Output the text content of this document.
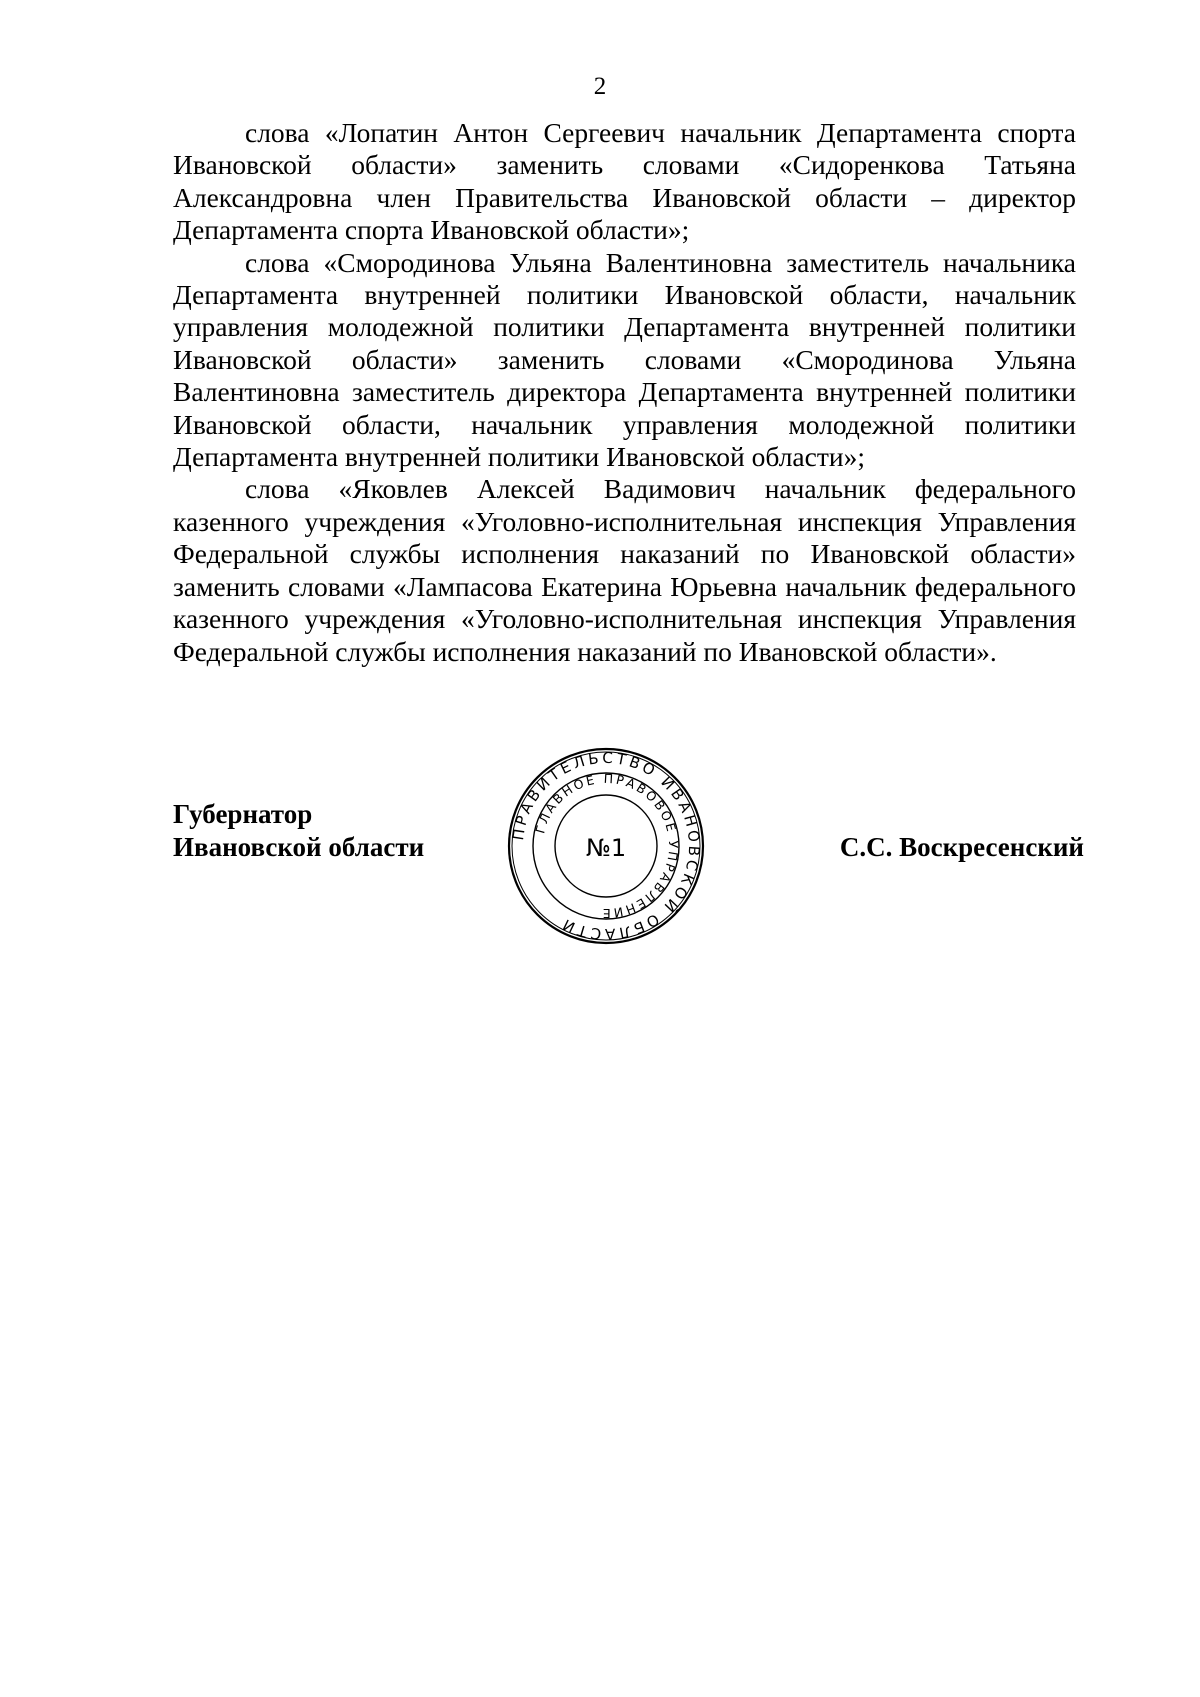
2

слова «Лопатин Антон Сергеевич начальник Департамента спорта Ивановской области» заменить словами «Сидоренкова Татьяна Александровна член Правительства Ивановской области – директор Департамента спорта Ивановской области»;

слова «Смородинова Ульяна Валентиновна заместитель начальника Департамента внутренней политики Ивановской области, начальник управления молодежной политики Департамента внутренней политики Ивановской области» заменить словами «Смородинова Ульяна Валентиновна заместитель директора Департамента внутренней политики Ивановской области, начальник управления молодежной политики Департамента внутренней политики Ивановской области»;

слова «Яковлев Алексей Вадимович начальник федерального казенного учреждения «Уголовно-исполнительная инспекция Управления Федеральной службы исполнения наказаний по Ивановской области» заменить словами «Лампасова Екатерина Юрьевна начальник федерального казенного учреждения «Уголовно-исполнительная инспекция Управления Федеральной службы исполнения наказаний по Ивановской области».

Губернатор
Ивановской области	ПРАВИТЕЛЬСТВО ИВАНОВСКОЙ ОБЛАСТИ
ГЛАВНОЕ ПРАВОВОЕ УПРАВЛЕНИЕ
№1	С.С. Воскресенский
